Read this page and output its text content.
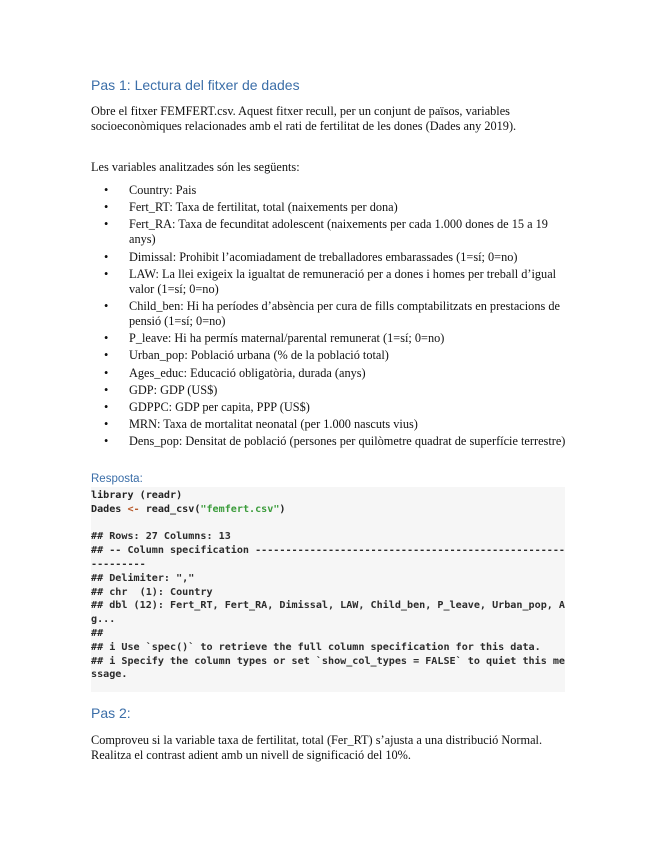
Pas 1: Lectura del fitxer de dades

Obre el fitxer FEMFERT.csv. Aquest fitxer recull, per un conjunt de països, variables socioeconòmiques relacionades amb el rati de fertilitat de les dones (Dades any 2019).

Les variables analitzades són les següents:

• Country: Pais
• Fert_RT: Taxa de fertilitat, total (naixements per dona)
• Fert_RA: Taxa de fecunditat adolescent (naixements per cada 1.000 dones de 15 a 19 anys)
• Dimissal: Prohibit l’acomiadament de treballadores embarassades (1=sí; 0=no)
• LAW: La llei exigeix la igualtat de remuneració per a dones i homes per treball d’igual valor (1=sí; 0=no)
• Child_ben: Hi ha períodes d’absència per cura de fills comptabilitzats en prestacions de pensió (1=sí; 0=no)
• P_leave: Hi ha permís maternal/parental remunerat (1=sí; 0=no)
• Urban_pop: Població urbana (% de la població total)
• Ages_educ: Educació obligatòria, durada (anys)
• GDP: GDP (US$)
• GDPPC: GDP per capita, PPP (US$)
• MRN: Taxa de mortalitat neonatal (per 1.000 nascuts vius)
• Dens_pop: Densitat de població (persones per quilòmetre quadrat de superfície terrestre)
Resposta:
library (readr)
Dades <- read_csv("femfert.csv")

## Rows: 27 Columns: 13
## -- Column specification ------------------------------------------------------------
## Delimiter: ","
## chr  (1): Country
## dbl (12): Fert_RT, Fert_RA, Dimissal, LAW, Child_ben, P_leave, Urban_pop, Ag...
##
## i Use `spec()` to retrieve the full column specification for this data.
## i Specify the column types or set `show_col_types = FALSE` to quiet this message.
Pas 2:

Comproveu si la variable taxa de fertilitat, total (Fer_RT) s’ajusta a una distribució Normal. Realitza el contrast adient amb un nivell de significació del 10%.
